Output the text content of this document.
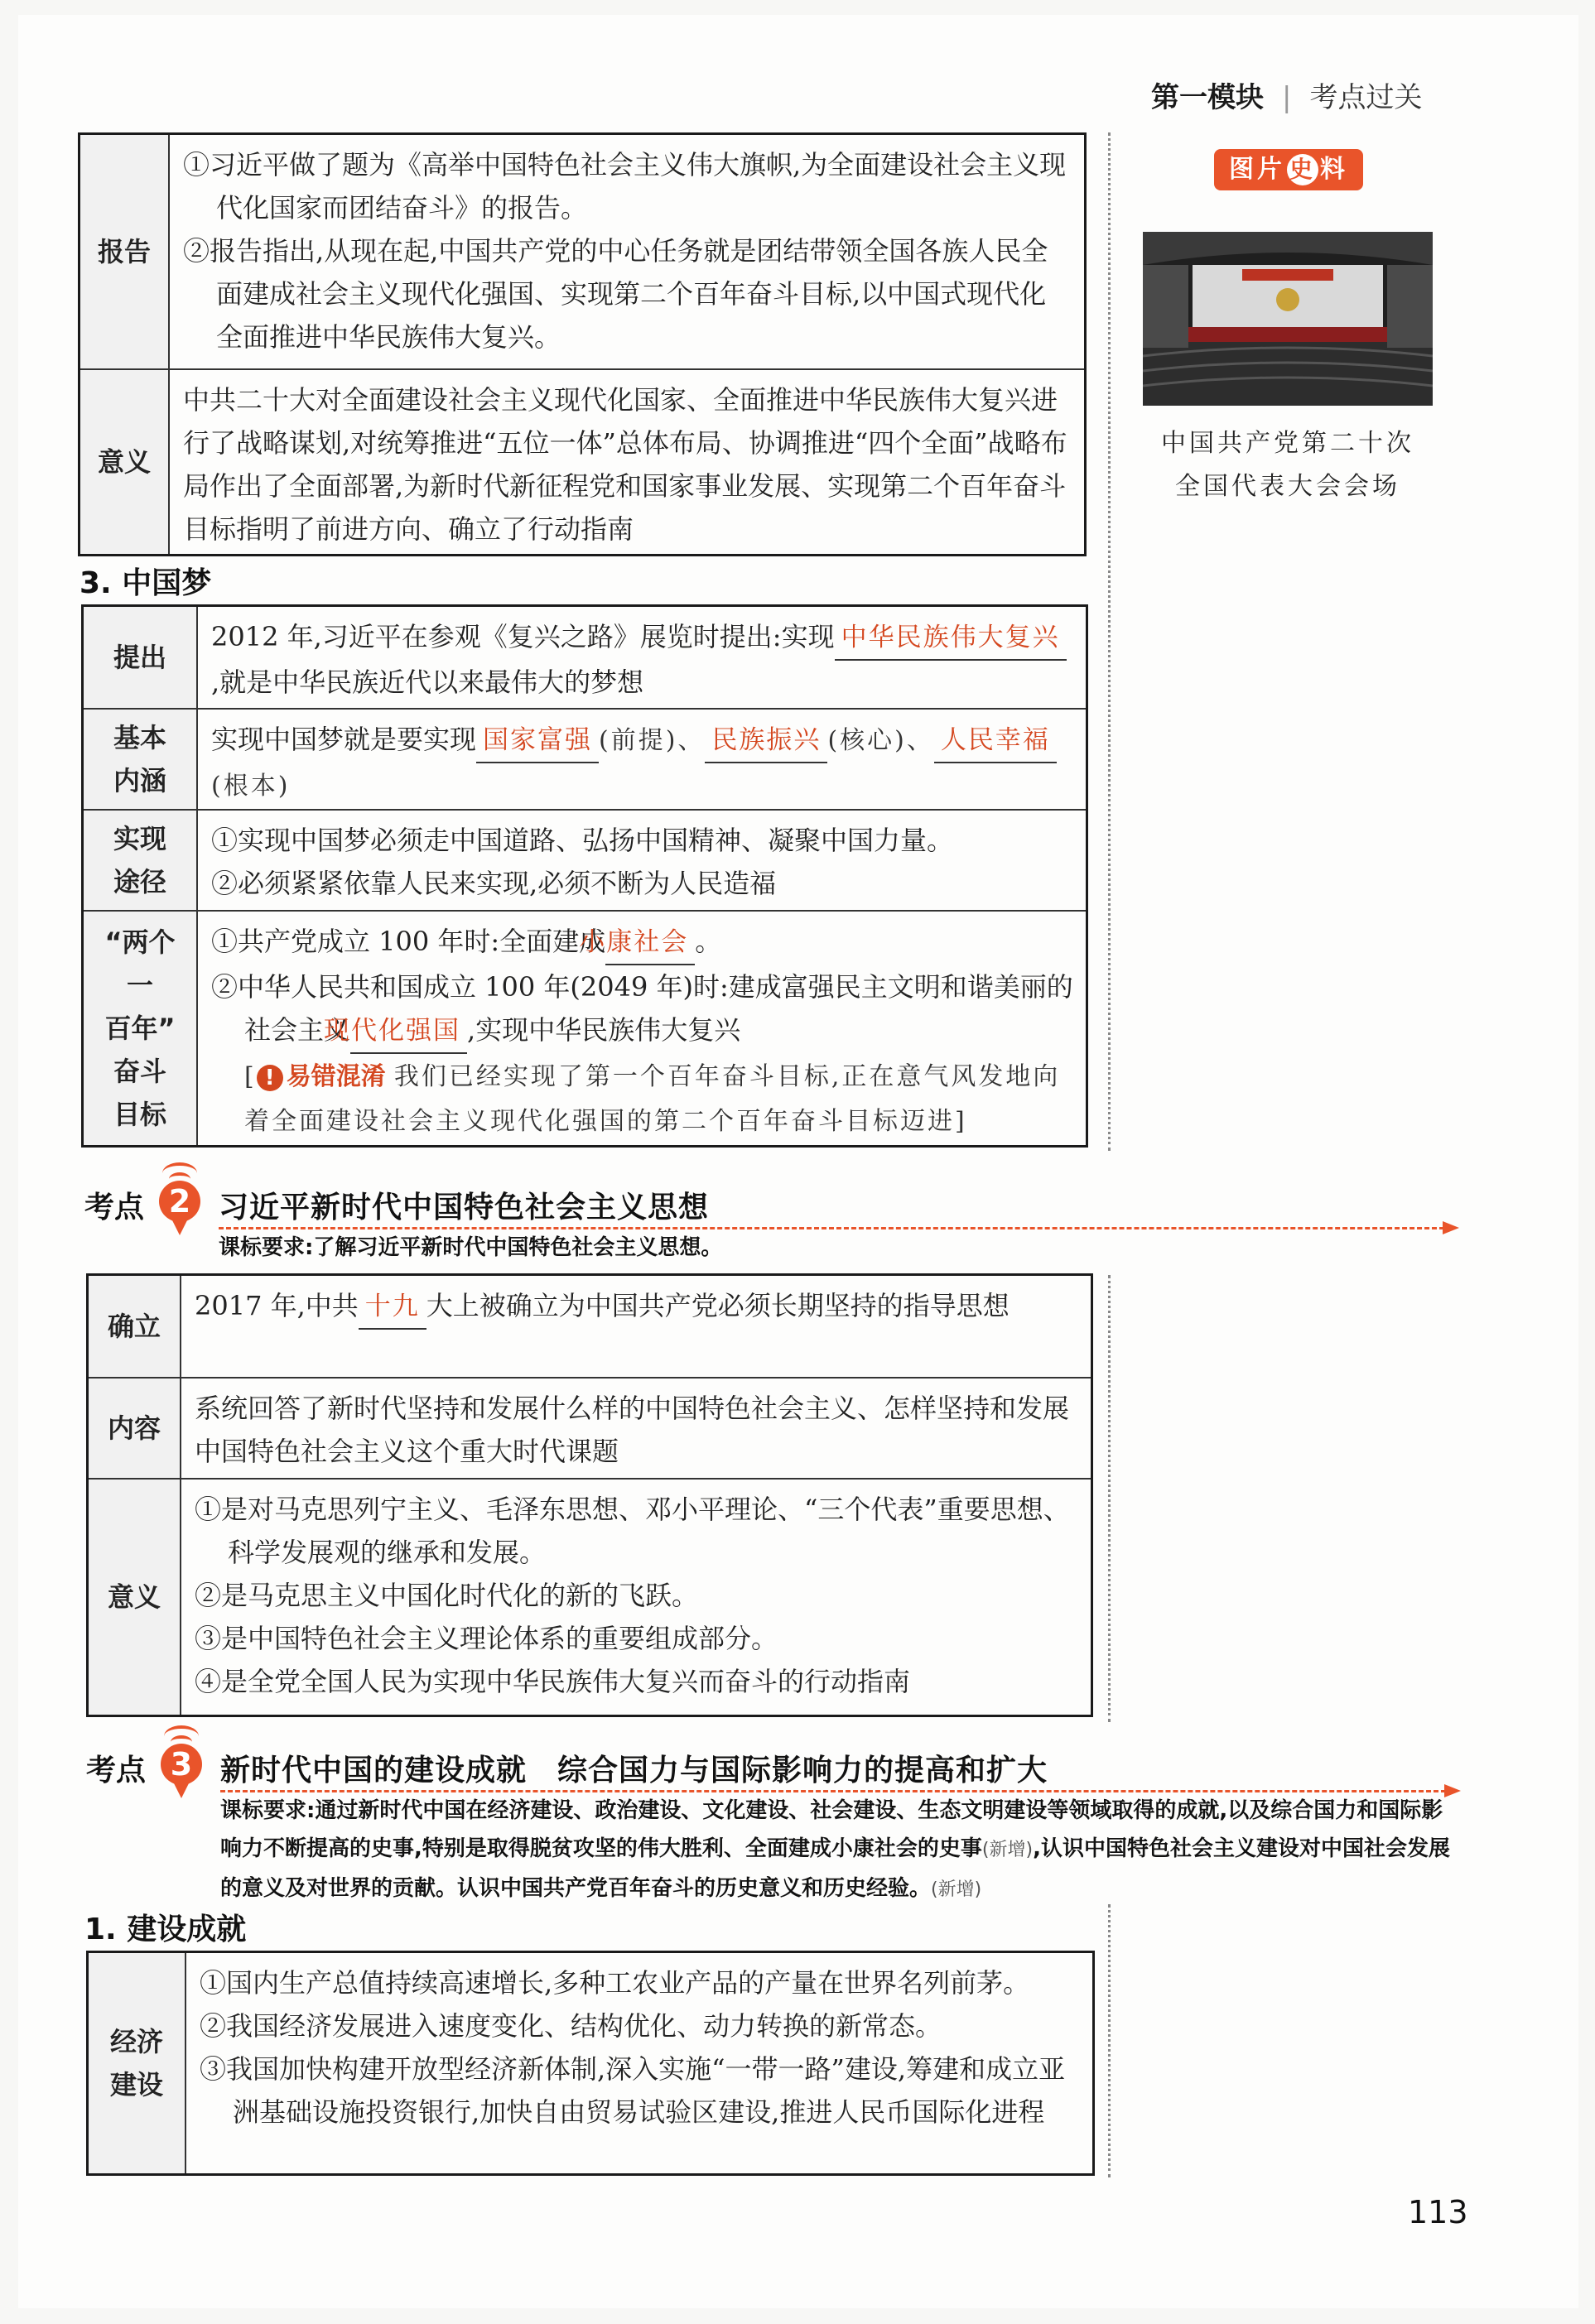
第一模块 | 考点过关
图片 史 料
中国共产党第二十次
全国代表大会会场
报告
①习近平做了题为《高举中国特色社会主义伟大旗帜,为全面建设社会主义现代化国家而团结奋斗》的报告。
②报告指出,从现在起,中国共产党的中心任务就是团结带领全国各族人民全面建成社会主义现代化强国、实现第二个百年奋斗目标,以中国式现代化全面推进中华民族伟大复兴。
意义
中共二十大对全面建设社会主义现代化国家、全面推进中华民族伟大复兴进行了战略谋划,对统筹推进“五位一体”总体布局、协调推进“四个全面”战略布局作出了全面部署,为新时代新征程党和国家事业发展、实现第二个百年奋斗目标指明了前进方向、确立了行动指南
3. 中国梦
提出
2012 年,习近平在参观《复兴之路》展览时提出:实现 中华民族伟大复兴,就是中华民族近代以来最伟大的梦想
基本
内涵
实现中国梦就是要实现 国家富强 (前提)、 民族振兴 (核心)、 人民幸福(根本)
实现
途径
①实现中国梦必须走中国道路、弘扬中国精神、凝聚中国力量。
②必须紧紧依靠人民来实现,必须不断为人民造福
“两个
一
百年”
奋斗
目标
①共产党成立 100 年时:全面建成小康社会 。
②中华人民共和国成立 100 年(2049 年)时:建成富强民主文明和谐美丽的社会主义现代化强国 ,实现中华民族伟大复兴
[ ! 易错混淆 我们已经实现了第一个百年奋斗目标,正在意气风发地向着全面建设社会主义现代化强国的第二个百年奋斗目标迈进]
考点 2 习近平新时代中国特色社会主义思想
课标要求:了解习近平新时代中国特色社会主义思想。
确立
2017 年,中共 十九 大上被确立为中国共产党必须长期坚持的指导思想
内容
系统回答了新时代坚持和发展什么样的中国特色社会主义、怎样坚持和发展中国特色社会主义这个重大时代课题
意义
①是对马克思列宁主义、毛泽东思想、邓小平理论、“三个代表”重要思想、科学发展观的继承和发展。
②是马克思主义中国化时代化的新的飞跃。
③是中国特色社会主义理论体系的重要组成部分。
④是全党全国人民为实现中华民族伟大复兴而奋斗的行动指南
考点 3 新时代中国的建设成就　综合国力与国际影响力的提高和扩大
课标要求:通过新时代中国在经济建设、政治建设、文化建设、社会建设、生态文明建设等领域取得的成就,以及综合国力和国际影响力不断提高的史事,特别是取得脱贫攻坚的伟大胜利、全面建成小康社会的史事(新增),认识中国特色社会主义建设对中国社会发展的意义及对世界的贡献。认识中国共产党百年奋斗的历史意义和历史经验。(新增)
1. 建设成就
经济
建设
①国内生产总值持续高速增长,多种工农业产品的产量在世界名列前茅。
②我国经济发展进入速度变化、结构优化、动力转换的新常态。
③我国加快构建开放型经济新体制,深入实施“一带一路”建设,筹建和成立亚洲基础设施投资银行,加快自由贸易试验区建设,推进人民币国际化进程
113
